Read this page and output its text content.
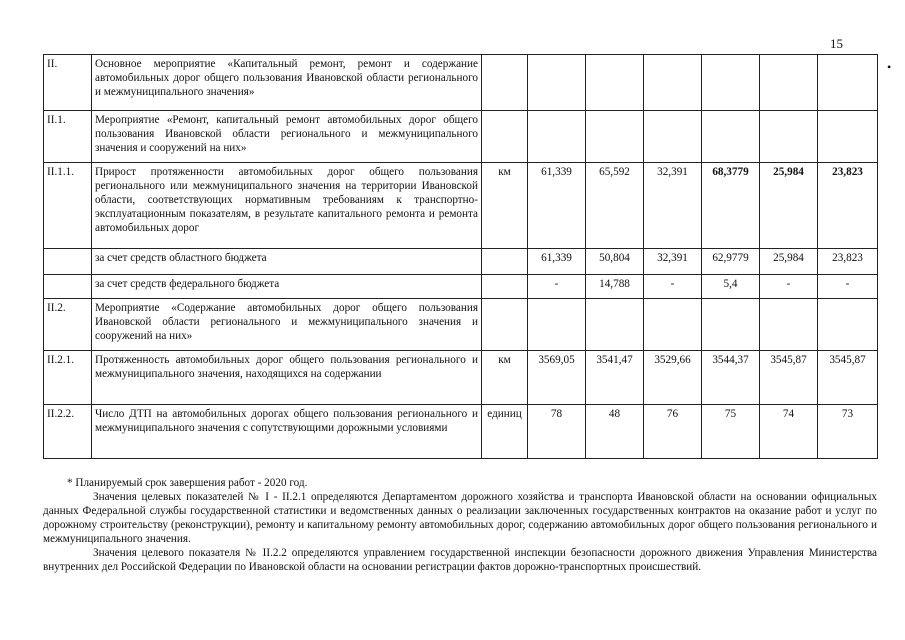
15
•
II.	Основное мероприятие «Капитальный ремонт, ремонт и содержание автомобильных дорог общего пользования Ивановской области регионального и межмуниципального значения»							
II.1.	Мероприятие «Ремонт, капитальный ремонт автомобильных дорог общего пользования Ивановской области регионального и межмуниципального значения и сооружений на них»							
II.1.1.	Прирост протяженности автомобильных дорог общего пользования регионального или межмуниципального значения на территории Ивановской области, соответствующих нормативным требованиям к транспортно-эксплуатационным показателям, в результате капитального ремонта и ремонта автомобильных дорог	км	61,339	65,592	32,391	68,3779	25,984	23,823
	за счет средств областного бюджета		61,339	50,804	32,391	62,9779	25,984	23,823
	за счет средств федерального бюджета		-	14,788	-	5,4	-	-
II.2.	Мероприятие «Содержание автомобильных дорог общего пользования Ивановской области регионального и межмуниципального значения и сооружений на них»							
II.2.1.	Протяженность автомобильных дорог общего пользования регионального и межмуниципального значения, находящихся на содержании	км	3569,05	3541,47	3529,66	3544,37	3545,87	3545,87
II.2.2.	Число ДТП на автомобильных дорогах общего пользования регионального и межмуниципального значения с сопутствующими дорожными условиями	единиц	78	48	76	75	74	73

* Планируемый срок завершения работ - 2020 год.

Значения целевых показателей № I - II.2.1 определяются Департаментом дорожного хозяйства и транспорта Ивановской области на основании официальных данных Федеральной службы государственной статистики и ведомственных данных о реализации заключенных государственных контрактов на оказание работ и услуг по дорожному строительству (реконструкции), ремонту и капитальному ремонту автомобильных дорог, содержанию автомобильных дорог общего пользования регионального и межмуниципального значения.

Значения целевого показателя № II.2.2 определяются управлением государственной инспекции безопасности дорожного движения Управления Министерства внутренних дел Российской Федерации по Ивановской области на основании регистрации фактов дорожно-транспортных происшествий.
